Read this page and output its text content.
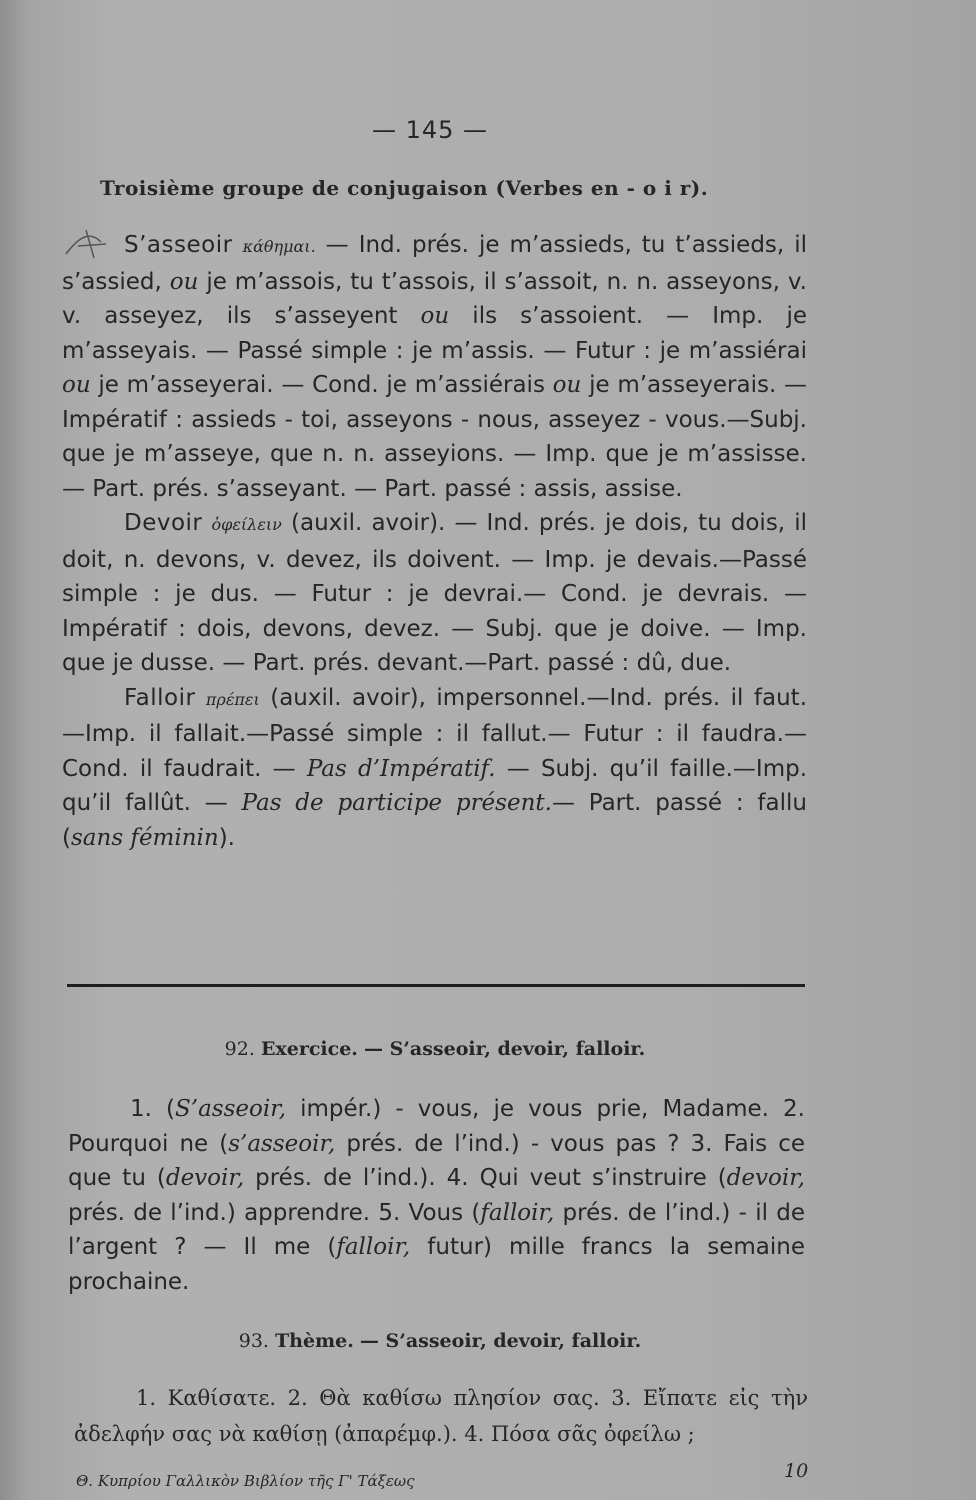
— 145 —
Troisième groupe de conjugaison (Verbes en - o i r).

S’asseoir κάθημαι. — Ind. prés. je m’assieds, tu t’assieds, il s’assied, ou je m’assois, tu t’assois, il s’assoit, n. n. asseyons, v. v. asseyez, ils s’asseyent ou ils s’assoient. — Imp. je m’asseyais. — Passé simple : je m’assis. — Futur : je m’assiérai ou je m’asseyerai. — Cond. je m’assiérais ou je m’asseyerais. — Impératif : assieds - toi, asseyons - nous, asseyez - vous.—Subj. que je m’asseye, que n. n. asseyions. — Imp. que je m’assisse. — Part. prés. s’asseyant. — Part. passé : assis, assise.

Devoir ὀφείλειν (auxil. avoir). — Ind. prés. je dois, tu dois, il doit, n. devons, v. devez, ils doivent. — Imp. je devais.—Passé simple : je dus. — Futur : je devrai.— Cond. je devrais. — Impératif : dois, devons, devez. — Subj. que je doive. — Imp. que je dusse. — Part. prés. devant.—Part. passé : dû, due.

Falloir πρέπει (auxil. avoir), impersonnel.—Ind. prés. il faut.—Imp. il fallait.—Passé simple : il fallut.— Futur : il faudra.—Cond. il faudrait. — Pas d’Impératif. — Subj. qu’il faille.—Imp. qu’il fallût. — Pas de participe présent.— Part. passé : fallu (sans féminin).

92. Exercice. — S’asseoir, devoir, falloir.

1. (S’asseoir, impér.) - vous, je vous prie, Madame. 2. Pourquoi ne (s’asseoir, prés. de l’ind.) - vous pas ? 3. Fais ce que tu (devoir, prés. de l’ind.). 4. Qui veut s’instruire (devoir, prés. de l’ind.) apprendre. 5. Vous (falloir, prés. de l’ind.) - il de l’argent ? — Il me (falloir, futur) mille francs la semaine prochaine.

93. Thème. — S’asseoir, devoir, falloir.

1. Καθίσατε. 2. Θὰ καθίσω πλησίον σας. 3. Εἴπατε εἰς τὴν ἀδελφήν σας νὰ καθίσῃ (ἀπαρέμφ.). 4. Πόσα σᾶς ὀφείλω ;

Θ. Κυπρίου Γαλλικὸν Βιβλίον τῆς Γ' Τάξεως	10
